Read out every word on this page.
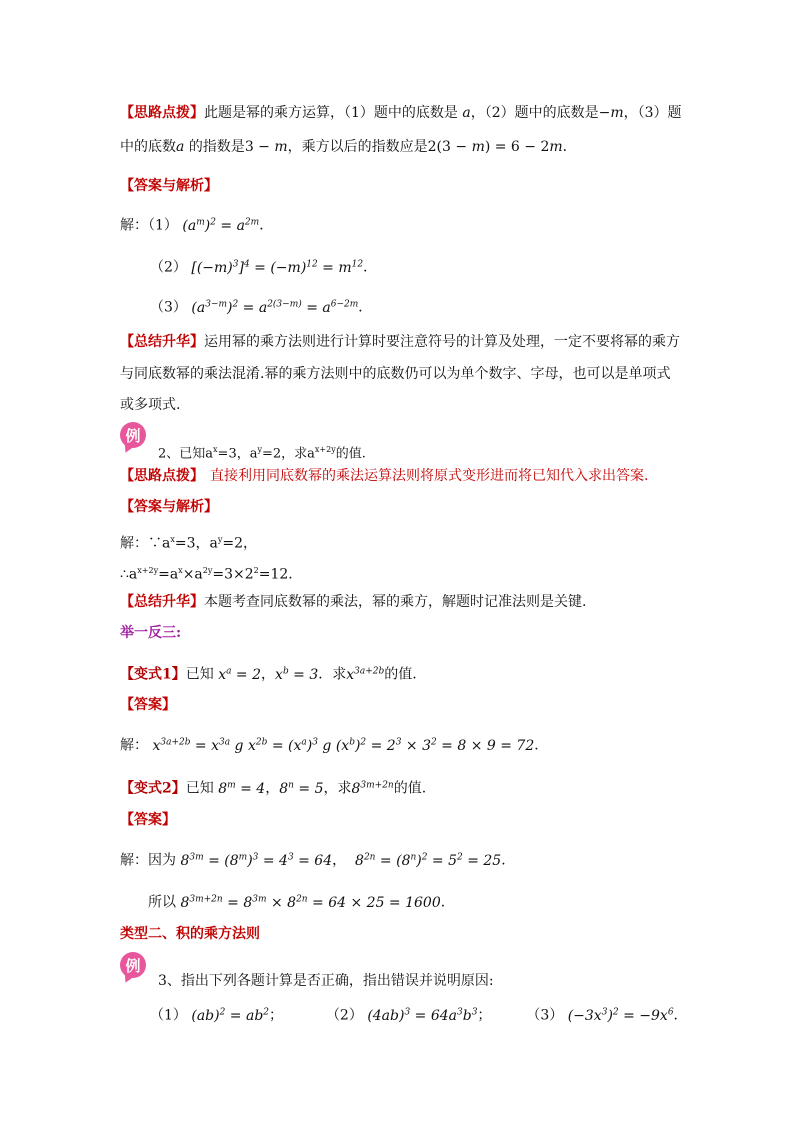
【思路点拨】此题是幂的乘方运算，（1）题中的底数是 a，（2）题中的底数是−m，（3）题
中的底数a 的指数是3 − m，乘方以后的指数应是2(3 − m) = 6 − 2m．
【答案与解析】
解：（1） $(a^m)^2 = a^{2m}$．
（2） $[(-m)^3]^4 = (-m)^{12} = m^{12}$．
（3） $(a^{3-m})^2 = a^{2(3-m)} = a^{6-2m}$．
【总结升华】运用幂的乘方法则进行计算时要注意符号的计算及处理，一定不要将幂的乘方
与同底数幂的乘法混淆.幂的乘方法则中的底数仍可以为单个数字、字母，也可以是单项式
或多项式.
例
2、已知$a^x=3$，$a^y=2$，求$a^{x+2y}$的值.
【思路点拨】 直接利用同底数幂的乘法运算法则将原式变形进而将已知代入求出答案.
【答案与解析】
解：$\because a^x=3$，$a^y=2$，
$\therefore a^{x+2y}=a^x\times a^{2y}=3\times 2^2=12$.
【总结升华】本题考查同底数幂的乘法，幂的乘方，解题时记准法则是关键.
举一反三:
【变式1】已知 $x^a = 2$，$x^b = 3$．求$x^{3a+2b}$的值.
【答案】
解： $x^{3a+2b} = x^{3a}$ g $x^{2b} = (x^a)^3$ g $(x^b)^2 = 2^3 \times 3^2 = 8 \times 9 = 72$．
【变式2】已知 $8^m = 4$，$8^n = 5$，求$8^{3m+2n}$的值.
【答案】
解：因为 $8^{3m} = (8^m)^3 = 4^3 = 64$，  $8^{2n} = (8^n)^2 = 5^2 = 25$．
所以 $8^{3m+2n} = 8^{3m} \times 8^{2n} = 64 \times 25 = 1600$．
类型二、积的乘方法则
例
3、指出下列各题计算是否正确，指出错误并说明原因:
（1） $(ab)^2 = ab^2$；	（2） $(4ab)^3 = 64a^3b^3$；  （3） $(-3x^3)^2 = -9x^6$．
